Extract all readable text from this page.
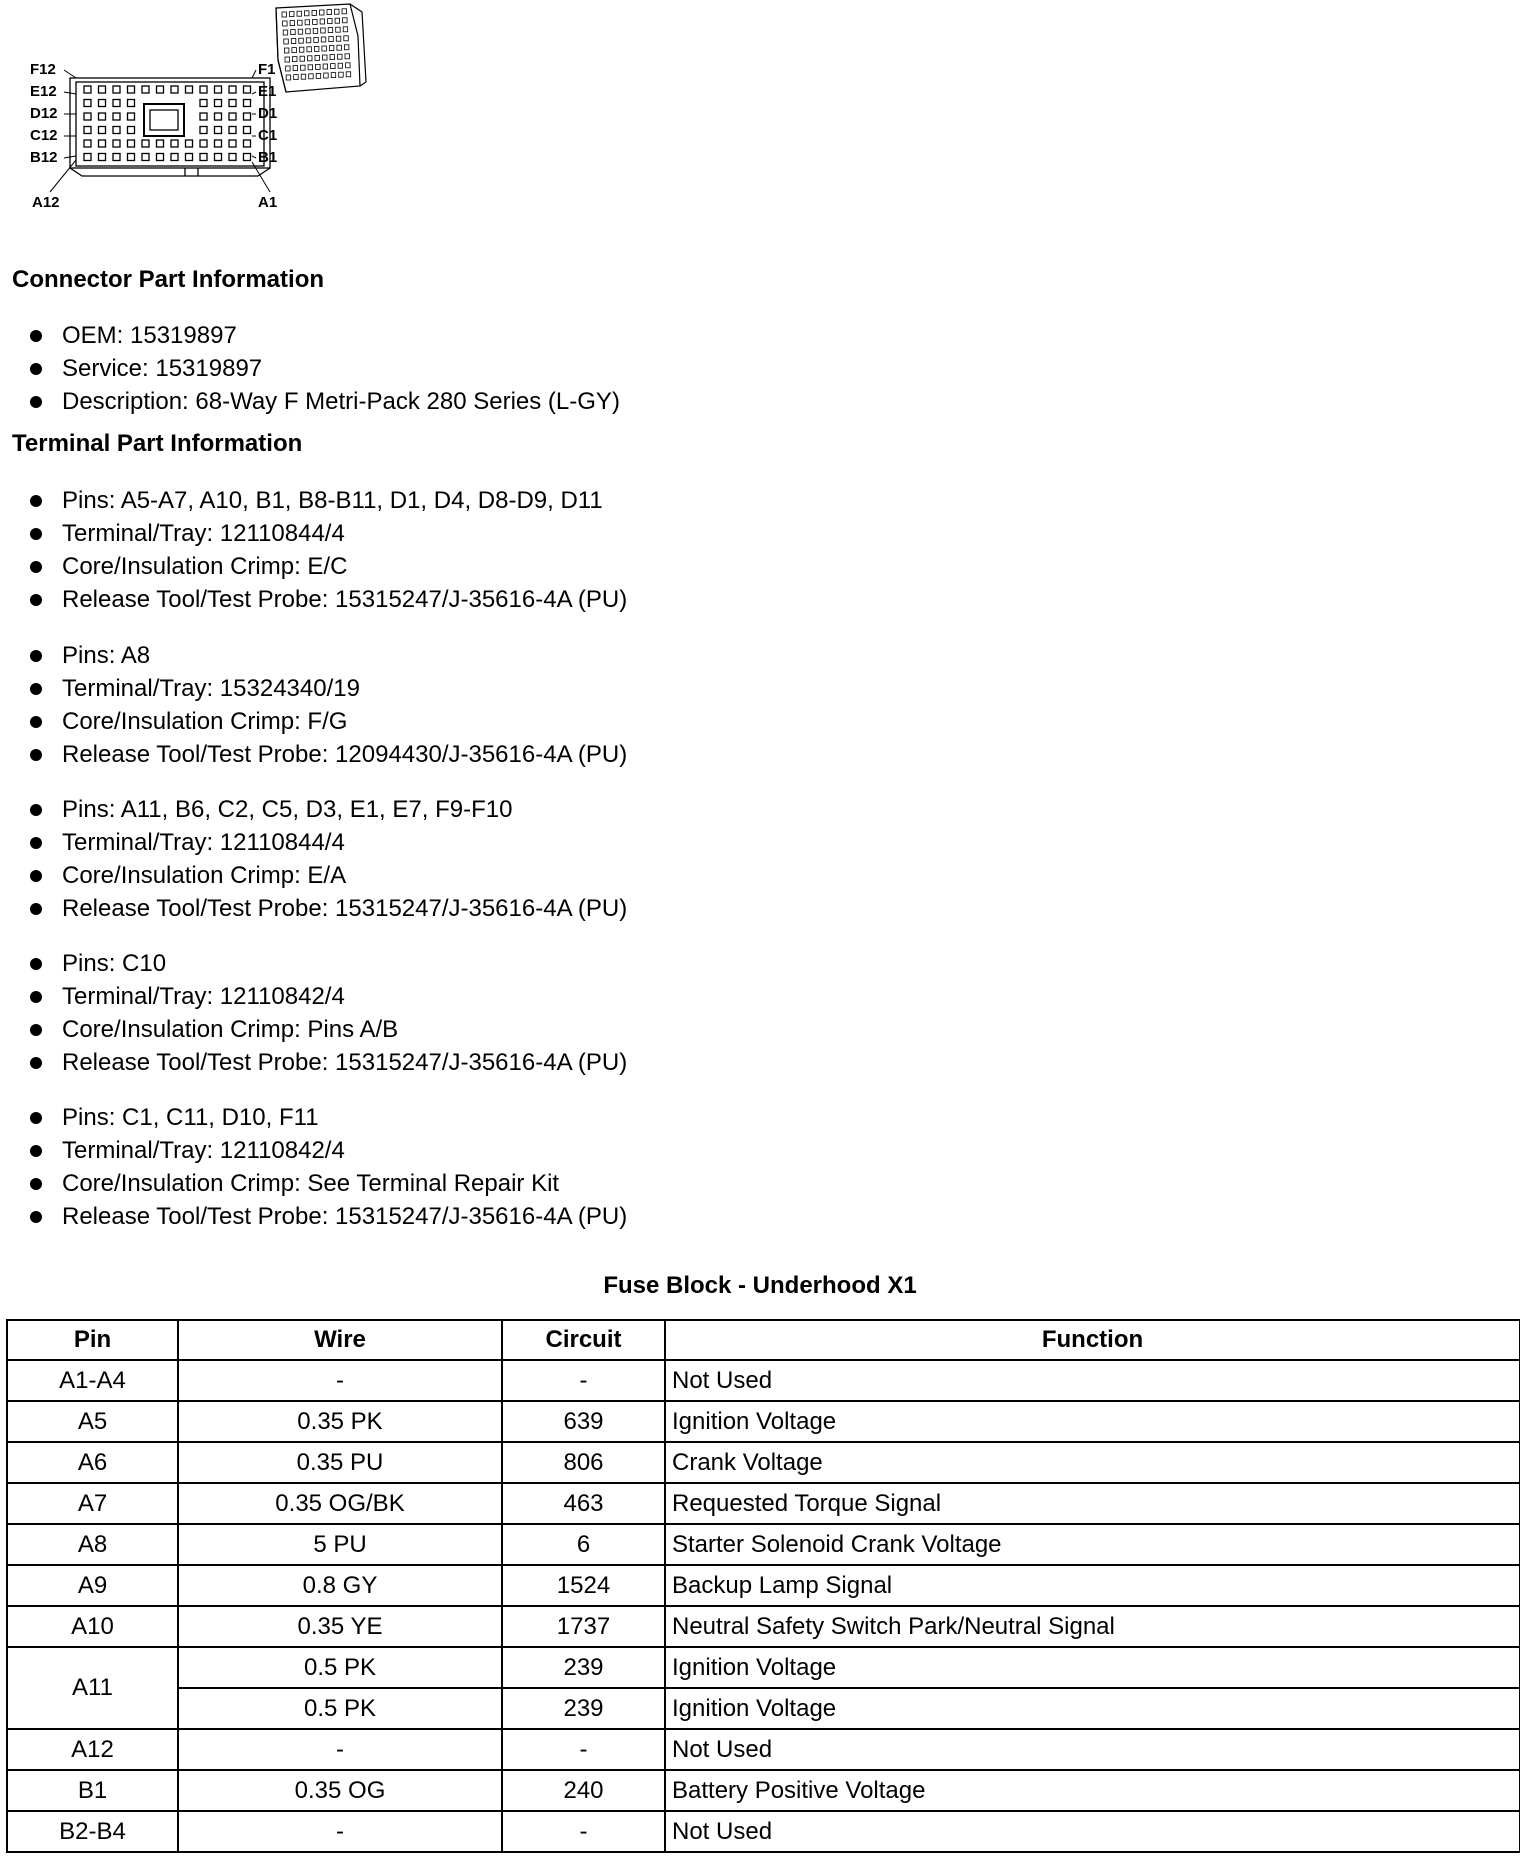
F12
E12
D12
C12
B12
A12
F1
E1
D1
C1
B1
A1
Connector Part Information
OEM: 15319897
Service: 15319897
Description: 68-Way F Metri-Pack 280 Series (L-GY)
Terminal Part Information
Pins: A5-A7, A10, B1, B8-B11, D1, D4, D8-D9, D11
Terminal/Tray: 12110844/4
Core/Insulation Crimp: E/C
Release Tool/Test Probe: 15315247/J-35616-4A (PU)
Pins: A8
Terminal/Tray: 15324340/19
Core/Insulation Crimp: F/G
Release Tool/Test Probe: 12094430/J-35616-4A (PU)
Pins: A11, B6, C2, C5, D3, E1, E7, F9-F10
Terminal/Tray: 12110844/4
Core/Insulation Crimp: E/A
Release Tool/Test Probe: 15315247/J-35616-4A (PU)
Pins: C10
Terminal/Tray: 12110842/4
Core/Insulation Crimp: Pins A/B
Release Tool/Test Probe: 15315247/J-35616-4A (PU)
Pins: C1, C11, D10, F11
Terminal/Tray: 12110842/4
Core/Insulation Crimp: See Terminal Repair Kit
Release Tool/Test Probe: 15315247/J-35616-4A (PU)
Fuse Block - Underhood X1
Pin	Wire	Circuit	Function
A1-A4	-	-	Not Used
A5	0.35 PK	639	Ignition Voltage
A6	0.35 PU	806	Crank Voltage
A7	0.35 OG/BK	463	Requested Torque Signal
A8	5 PU	6	Starter Solenoid Crank Voltage
A9	0.8 GY	1524	Backup Lamp Signal
A10	0.35 YE	1737	Neutral Safety Switch Park/Neutral Signal
A11	0.5 PK	239	Ignition Voltage
	0.5 PK	239	Ignition Voltage
A12	-	-	Not Used
B1	0.35 OG	240	Battery Positive Voltage
B2-B4	-	-	Not Used
